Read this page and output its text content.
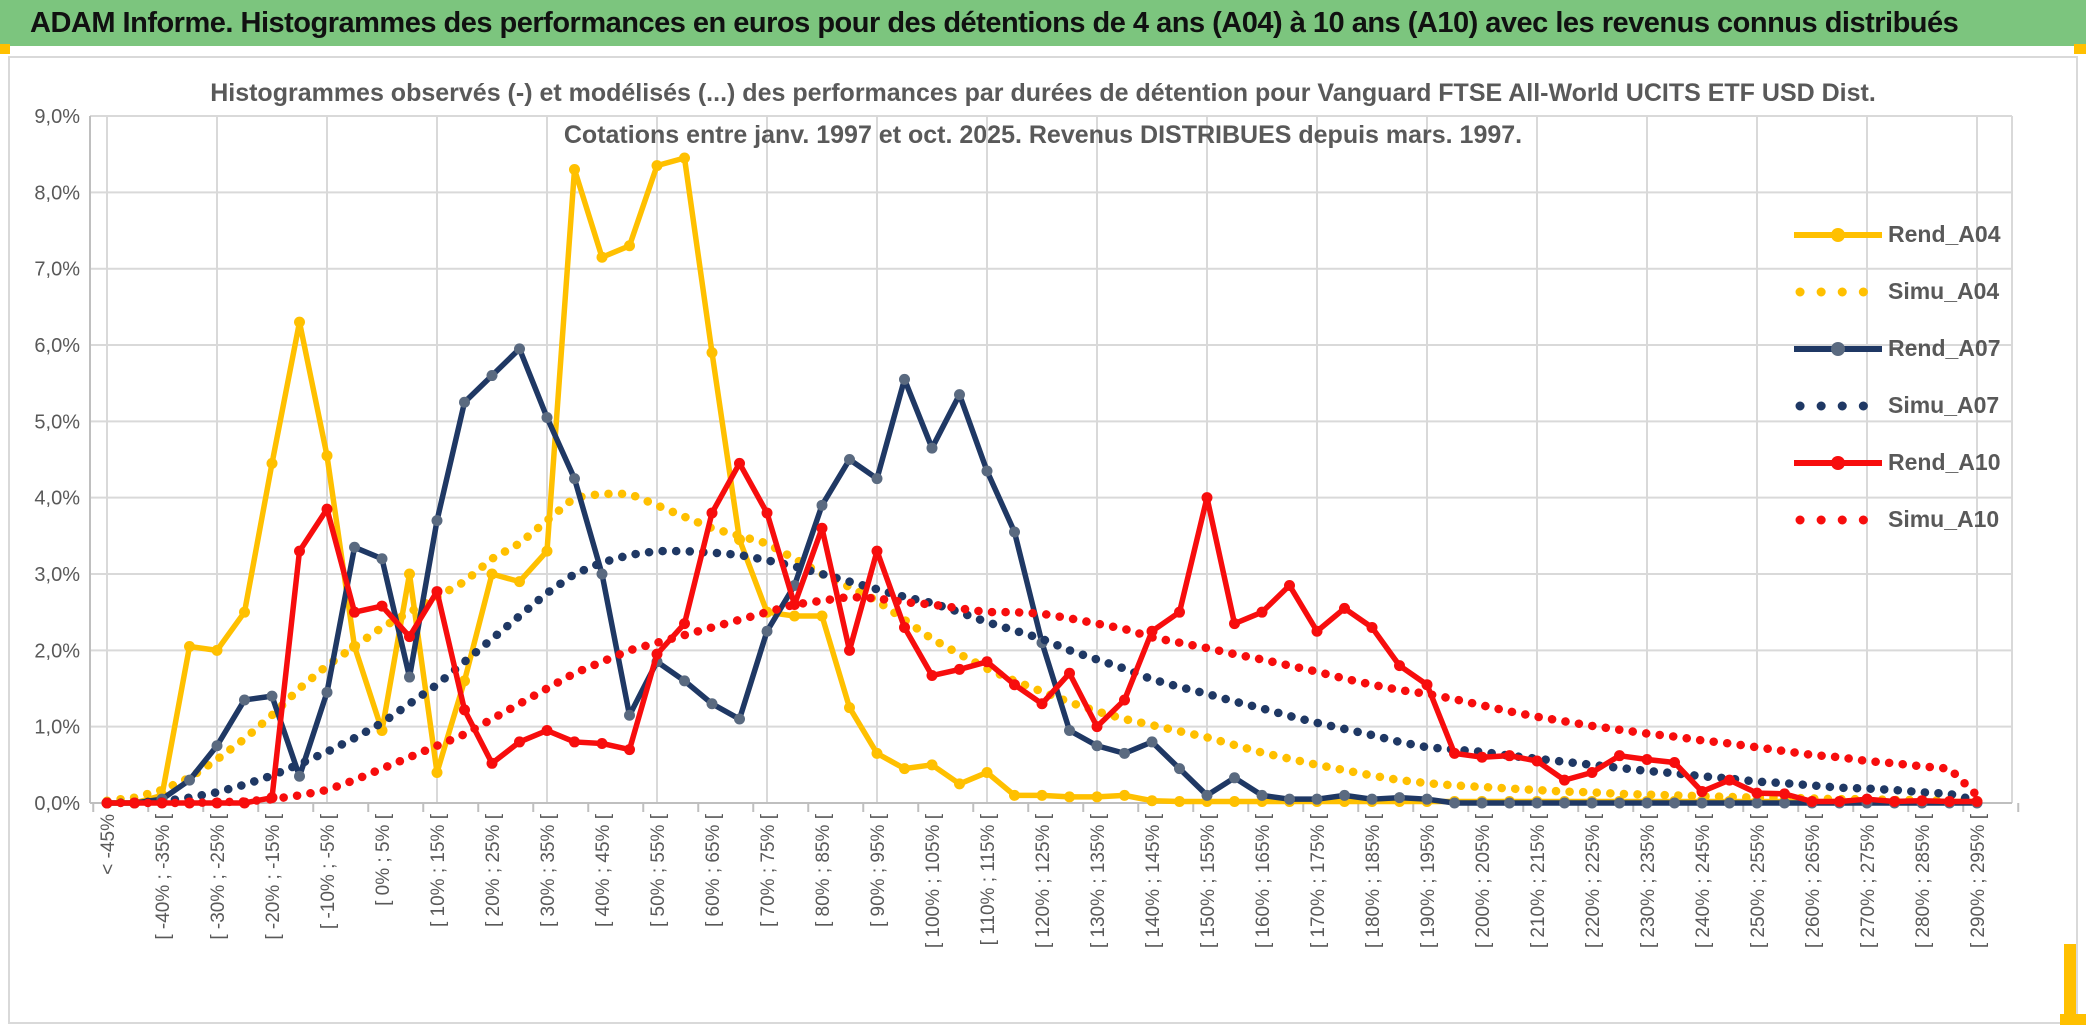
ADAM Informe. Histogrammes des performances en euros pour des détentions de 4 ans (A04) à 10 ans (A10) avec les revenus connus distribués
0,0%
1,0%
2,0%
3,0%
4,0%
5,0%
6,0%
7,0%
8,0%
9,0%
< -45% [ -40% ; -35% [ [ -30% ; -25% [ [ -20% ; -15% [ [ -10% ; -5% [ [ 0% ; 5% [ [ 10% ; 15% [ [ 20% ; 25% [ [ 30% ; 35% [ [ 40% ; 45% [ [ 50% ; 55% [ [ 60% ; 65% [ [ 70% ; 75% [ [ 80% ; 85% [ [ 90% ; 95% [ [ 100% ; 105% [ [ 110% ; 115% [ [ 120% ; 125% [ [ 130% ; 135% [ [ 140% ; 145% [ [ 150% ; 155% [ [ 160% ; 165% [ [ 170% ; 175% [ [ 180% ; 185% [ [ 190% ; 195% [ [ 200% ; 205% [ [ 210% ; 215% [ [ 220% ; 225% [ [ 230% ; 235% [ [ 240% ; 245% [ [ 250% ; 255% [ [ 260% ; 265% [ [ 270% ; 275% [ [ 280% ; 285% [ [ 290% ; 295% [
Histogrammes observés (-) et modélisés (...) des performances par durées de détention pour Vanguard FTSE All-World UCITS ETF USD Dist.
Cotations entre janv. 1997 et oct. 2025. Revenus DISTRIBUES depuis mars. 1997.
Rend_A04
Simu_A04
Rend_A07
Simu_A07
Rend_A10
Simu_A10
